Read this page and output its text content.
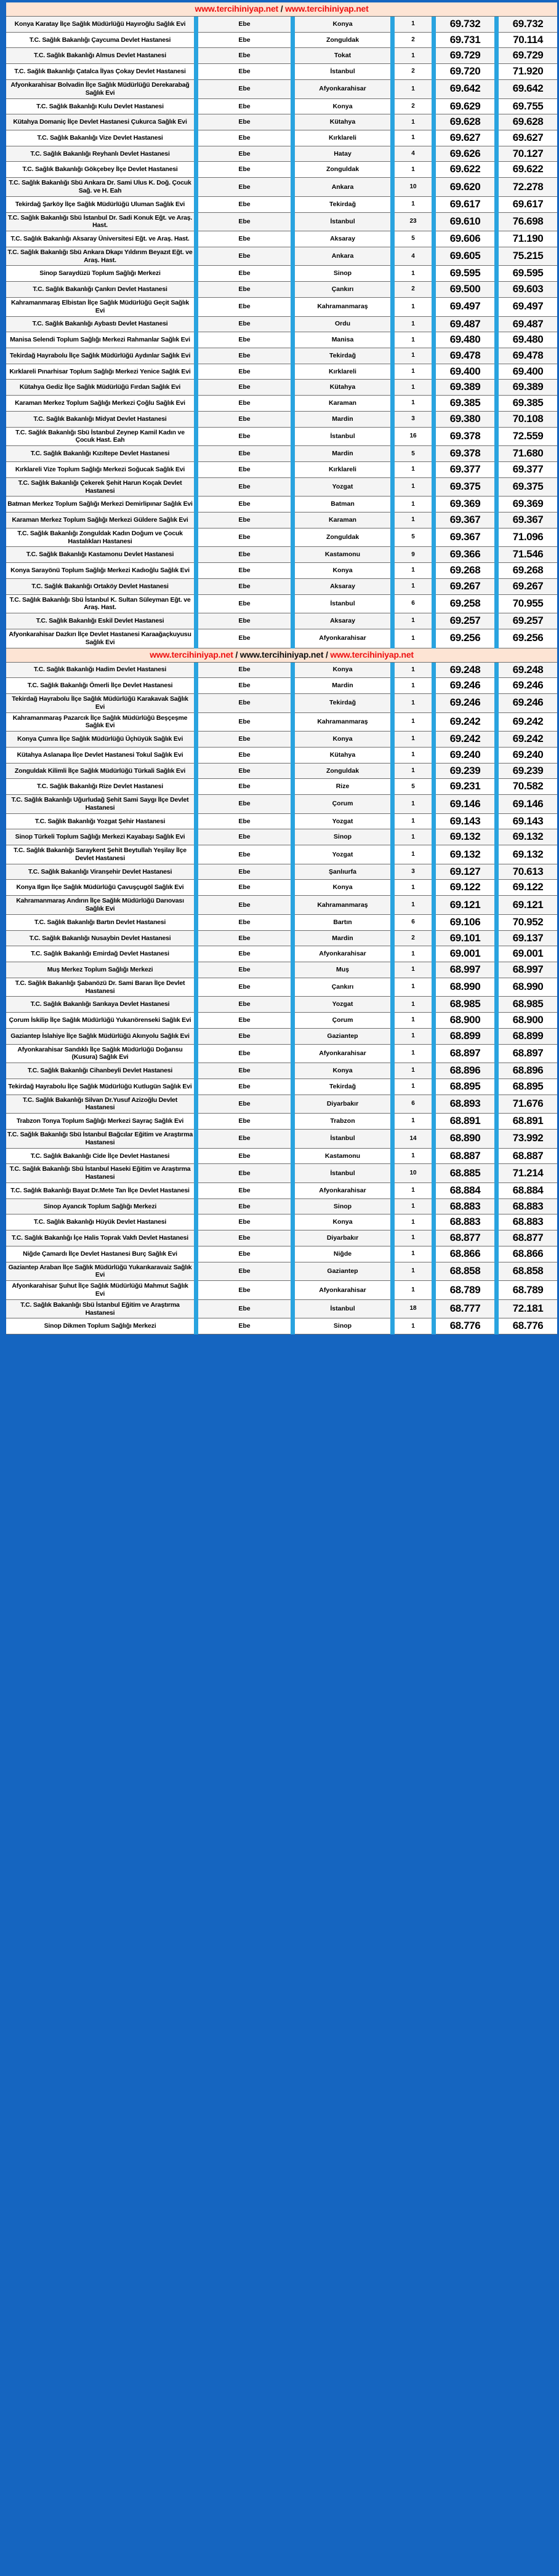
www.tercihiniyap.net / www.tercihiniyap.net										
Konya Karatay İlçe Sağlık Müdürlüğü Hayıroğlu Sağlık Evi		Ebe		Konya		1		69.732		69.732
T.C. Sağlık Bakanlığı Çaycuma Devlet Hastanesi		Ebe		Zonguldak		2		69.731		70.114
T.C. Sağlık Bakanlığı Almus Devlet Hastanesi		Ebe		Tokat		1		69.729		69.729
T.C. Sağlık Bakanlığı Çatalca İlyas Çokay Devlet Hastanesi		Ebe		İstanbul		2		69.720		71.920
Afyonkarahisar Bolvadin İlçe Sağlık Müdürlüğü Derekarabağ Sağlık Evi		Ebe		Afyonkarahisar		1		69.642		69.642
T.C. Sağlık Bakanlığı Kulu Devlet Hastanesi		Ebe		Konya		2		69.629		69.755
Kütahya Domaniç İlçe Devlet Hastanesi Çukurca Sağlık Evi		Ebe		Kütahya		1		69.628		69.628
T.C. Sağlık Bakanlığı Vize Devlet Hastanesi		Ebe		Kırklareli		1		69.627		69.627
T.C. Sağlık Bakanlığı Reyhanlı Devlet Hastanesi		Ebe		Hatay		4		69.626		70.127
T.C. Sağlık Bakanlığı Gökçebey İlçe Devlet Hastanesi		Ebe		Zonguldak		1		69.622		69.622
T.C. Sağlık Bakanlığı Sbü Ankara Dr. Sami Ulus K. Doğ. Çocuk Sağ. ve H. Eah		Ebe		Ankara		10		69.620		72.278
Tekirdağ Şarköy İlçe Sağlık Müdürlüğü Uluman Sağlık Evi		Ebe		Tekirdağ		1		69.617		69.617
T.C. Sağlık Bakanlığı Sbü İstanbul Dr. Sadi Konuk Eğt. ve Araş. Hast.		Ebe		İstanbul		23		69.610		76.698
T.C. Sağlık Bakanlığı Aksaray Üniversitesi Eğt. ve Araş. Hast.		Ebe		Aksaray		5		69.606		71.190
T.C. Sağlık Bakanlığı Sbü Ankara Dkapı Yıldırım Beyazıt Eğt. ve Araş. Hast.		Ebe		Ankara		4		69.605		75.215
Sinop Saraydüzü Toplum Sağlığı Merkezi		Ebe		Sinop		1		69.595		69.595
T.C. Sağlık Bakanlığı Çankırı Devlet Hastanesi		Ebe		Çankırı		2		69.500		69.603
Kahramanmaraş Elbistan İlçe Sağlık Müdürlüğü Geçit Sağlık Evi		Ebe		Kahramanmaraş		1		69.497		69.497
T.C. Sağlık Bakanlığı Aybastı Devlet Hastanesi		Ebe		Ordu		1		69.487		69.487
Manisa Selendi Toplum Sağlığı Merkezi Rahmanlar Sağlık Evi		Ebe		Manisa		1		69.480		69.480
Tekirdağ Hayrabolu İlçe Sağlık Müdürlüğü Aydınlar Sağlık Evi		Ebe		Tekirdağ		1		69.478		69.478
Kırklareli Pınarhisar Toplum Sağlığı Merkezi Yenice Sağlık Evi		Ebe		Kırklareli		1		69.400		69.400
Kütahya Gediz İlçe Sağlık Müdürlüğü Fırdan Sağlık Evi		Ebe		Kütahya		1		69.389		69.389
Karaman Merkez Toplum Sağlığı Merkezi Çoğlu Sağlık Evi		Ebe		Karaman		1		69.385		69.385
T.C. Sağlık Bakanlığı Midyat Devlet Hastanesi		Ebe		Mardin		3		69.380		70.108
T.C. Sağlık Bakanlığı Sbü İstanbul Zeynep Kamil Kadın ve Çocuk Hast. Eah		Ebe		İstanbul		16		69.378		72.559
T.C. Sağlık Bakanlığı Kızıltepe Devlet Hastanesi		Ebe		Mardin		5		69.378		71.680
Kırklareli Vize Toplum Sağlığı Merkezi Soğucak Sağlık Evi		Ebe		Kırklareli		1		69.377		69.377
T.C. Sağlık Bakanlığı Çekerek Şehit Harun Koçak Devlet Hastanesi		Ebe		Yozgat		1		69.375		69.375
Batman Merkez Toplum Sağlığı Merkezi Demirlipınar Sağlık Evi		Ebe		Batman		1		69.369		69.369
Karaman Merkez Toplum Sağlığı Merkezi Güldere Sağlık Evi		Ebe		Karaman		1		69.367		69.367
T.C. Sağlık Bakanlığı Zonguldak Kadın Doğum ve Çocuk Hastalıkları Hastanesi		Ebe		Zonguldak		5		69.367		71.096
T.C. Sağlık Bakanlığı Kastamonu Devlet Hastanesi		Ebe		Kastamonu		9		69.366		71.546
Konya Sarayönü Toplum Sağlığı Merkezi Kadıoğlu Sağlık Evi		Ebe		Konya		1		69.268		69.268
T.C. Sağlık Bakanlığı Ortaköy Devlet Hastanesi		Ebe		Aksaray		1		69.267		69.267
T.C. Sağlık Bakanlığı Sbü İstanbul K. Sultan Süleyman Eğt. ve Araş. Hast.		Ebe		İstanbul		6		69.258		70.955
T.C. Sağlık Bakanlığı Eskil Devlet Hastanesi		Ebe		Aksaray		1		69.257		69.257
Afyonkarahisar Dazkırı İlçe Devlet Hastanesi Karaağaçkuyusu Sağlık Evi		Ebe		Afyonkarahisar		1		69.256		69.256
www.tercihiniyap.net / www.tercihiniyap.net / www.tercihiniyap.net										
T.C. Sağlık Bakanlığı Hadim Devlet Hastanesi		Ebe		Konya		1		69.248		69.248
T.C. Sağlık Bakanlığı Ömerli İlçe Devlet Hastanesi		Ebe		Mardin		1		69.246		69.246
Tekirdağ Hayrabolu İlçe Sağlık Müdürlüğü Karakavak Sağlık Evi		Ebe		Tekirdağ		1		69.246		69.246
Kahramanmaraş Pazarcık İlçe Sağlık Müdürlüğü Beşçeşme Sağlık Evi		Ebe		Kahramanmaraş		1		69.242		69.242
Konya Çumra İlçe Sağlık Müdürlüğü Üçhüyük Sağlık Evi		Ebe		Konya		1		69.242		69.242
Kütahya Aslanapa İlçe Devlet Hastanesi Tokul Sağlık Evi		Ebe		Kütahya		1		69.240		69.240
Zonguldak Kilimli İlçe Sağlık Müdürlüğü Türkali Sağlık Evi		Ebe		Zonguldak		1		69.239		69.239
T.C. Sağlık Bakanlığı Rize Devlet Hastanesi		Ebe		Rize		5		69.231		70.582
T.C. Sağlık Bakanlığı Uğurludağ Şehit Sami Saygı İlçe Devlet Hastanesi		Ebe		Çorum		1		69.146		69.146
T.C. Sağlık Bakanlığı Yozgat Şehir Hastanesi		Ebe		Yozgat		1		69.143		69.143
Sinop Türkeli Toplum Sağlığı Merkezi Kayabaşı Sağlık Evi		Ebe		Sinop		1		69.132		69.132
T.C. Sağlık Bakanlığı Saraykent Şehit Beytullah Yeşilay İlçe Devlet Hastanesi		Ebe		Yozgat		1		69.132		69.132
T.C. Sağlık Bakanlığı Viranşehir Devlet Hastanesi		Ebe		Şanlıurfa		3		69.127		70.613
Konya Ilgın İlçe Sağlık Müdürlüğü Çavuşçugöl Sağlık Evi		Ebe		Konya		1		69.122		69.122
Kahramanmaraş Andırın İlçe Sağlık Müdürlüğü Darıovası Sağlık Evi		Ebe		Kahramanmaraş		1		69.121		69.121
T.C. Sağlık Bakanlığı Bartın Devlet Hastanesi		Ebe		Bartın		6		69.106		70.952
T.C. Sağlık Bakanlığı Nusaybin Devlet Hastanesi		Ebe		Mardin		2		69.101		69.137
T.C. Sağlık Bakanlığı Emirdağ Devlet Hastanesi		Ebe		Afyonkarahisar		1		69.001		69.001
Muş Merkez Toplum Sağlığı Merkezi		Ebe		Muş		1		68.997		68.997
T.C. Sağlık Bakanlığı Şabanözü Dr. Sami Baran İlçe Devlet Hastanesi		Ebe		Çankırı		1		68.990		68.990
T.C. Sağlık Bakanlığı Sarıkaya Devlet Hastanesi		Ebe		Yozgat		1		68.985		68.985
Çorum İskilip İlçe Sağlık Müdürlüğü Yukarıörenseki Sağlık Evi		Ebe		Çorum		1		68.900		68.900
Gaziantep İslahiye İlçe Sağlık Müdürlüğü Akınyolu Sağlık Evi		Ebe		Gaziantep		1		68.899		68.899
Afyonkarahisar Sandıklı İlçe Sağlık Müdürlüğü Doğansu (Kusura) Sağlık Evi		Ebe		Afyonkarahisar		1		68.897		68.897
T.C. Sağlık Bakanlığı Cihanbeyli Devlet Hastanesi		Ebe		Konya		1		68.896		68.896
Tekirdağ Hayrabolu İlçe Sağlık Müdürlüğü Kutlugün Sağlık Evi		Ebe		Tekirdağ		1		68.895		68.895
T.C. Sağlık Bakanlığı Silvan Dr.Yusuf Azizoğlu Devlet Hastanesi		Ebe		Diyarbakır		6		68.893		71.676
Trabzon Tonya Toplum Sağlığı Merkezi Sayraç Sağlık Evi		Ebe		Trabzon		1		68.891		68.891
T.C. Sağlık Bakanlığı Sbü İstanbul Bağcılar Eğitim ve Araştırma Hastanesi		Ebe		İstanbul		14		68.890		73.992
T.C. Sağlık Bakanlığı Cide İlçe Devlet Hastanesi		Ebe		Kastamonu		1		68.887		68.887
T.C. Sağlık Bakanlığı Sbü İstanbul Haseki Eğitim ve Araştırma Hastanesi		Ebe		İstanbul		10		68.885		71.214
T.C. Sağlık Bakanlığı Bayat Dr.Mete Tan İlçe Devlet Hastanesi		Ebe		Afyonkarahisar		1		68.884		68.884
Sinop Ayancık Toplum Sağlığı Merkezi		Ebe		Sinop		1		68.883		68.883
T.C. Sağlık Bakanlığı Hüyük Devlet Hastanesi		Ebe		Konya		1		68.883		68.883
T.C. Sağlık Bakanlığı İçe Halis Toprak Vakfı Devlet Hastanesi		Ebe		Diyarbakır		1		68.877		68.877
Niğde Çamardı İlçe Devlet Hastanesi Burç Sağlık Evi		Ebe		Niğde		1		68.866		68.866
Gaziantep Araban İlçe Sağlık Müdürlüğü Yukarıkaravaiz Sağlık Evi		Ebe		Gaziantep		1		68.858		68.858
Afyonkarahisar Şuhut İlçe Sağlık Müdürlüğü Mahmut Sağlık Evi		Ebe		Afyonkarahisar		1		68.789		68.789
T.C. Sağlık Bakanlığı Sbü İstanbul Eğitim ve Araştırma Hastanesi		Ebe		İstanbul		18		68.777		72.181
Sinop Dikmen Toplum Sağlığı Merkezi		Ebe		Sinop		1		68.776		68.776
